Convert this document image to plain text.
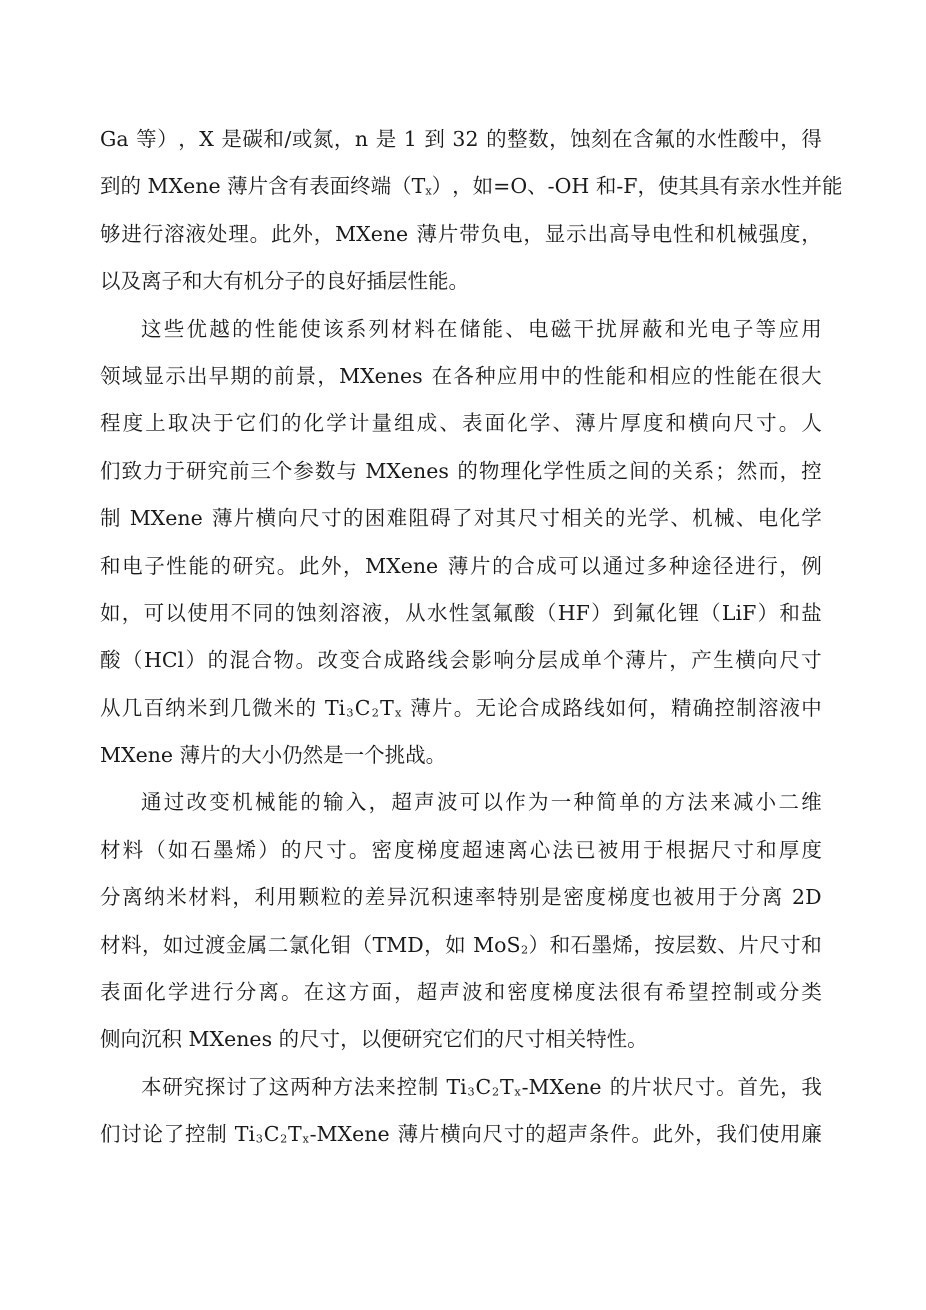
Ga
等 ） ， X
是 碳 和 / 或 氮 ， n
是
1
到
32
的 整 数 ， 蚀 刻 在 含 氟 的 水 性 酸 中 ， 得
到 的
MXene
薄 片 含 有 表 面 终 端 （ T $_x$ ） ， 如 =O 、 -OH
和 -F ， 使 其 具 有 亲 水 性 并 能
够 进 行 溶 液 处 理 。 此 外 ， MXene
薄 片 带 负 电 ， 显 示 出 高 导 电 性 和 机 械 强 度 ，
以及离子和大有机分子的良好插层性能。
这 些 优 越 的 性 能 使 该 系 列 材 料 在 储 能 、 电 磁 干 扰 屏 蔽 和 光 电 子 等 应 用
领 域 显 示 出 早 期 的 前 景 ， MXenes
在 各 种 应 用 中 的 性 能 和 相 应 的 性 能 在 很 大
程 度 上 取 决 于 它 们 的 化 学 计 量 组 成 、 表 面 化 学 、 薄 片 厚 度 和 横 向 尺 寸 。 人
们 致 力 于 研 究 前 三 个 参 数 与
MXenes
的 物 理 化 学 性 质 之 间 的 关 系 ； 然 而 ， 控
制
MXene
薄 片 横 向 尺 寸 的 困 难 阻 碍 了 对 其 尺 寸 相 关 的 光 学 、 机 械 、 电 化 学
和 电 子 性 能 的 研 究 。 此 外 ， MXene
薄 片 的 合 成 可 以 通 过 多 种 途 径 进 行 ， 例
如 ， 可 以 使 用 不 同 的 蚀 刻 溶 液 ， 从 水 性 氢 氟 酸 （ HF ） 到 氟 化 锂 （ LiF ） 和 盐
酸 （ HCl ） 的 混 合 物 。 改 变 合 成 路 线 会 影 响 分 层 成 单 个 薄 片 ， 产 生 横 向 尺 寸
从 几 百 纳 米 到 几 微 米 的
Ti $_3$ C $_2$ T $_x$
薄 片 。 无 论 合 成 路 线 如 何 ， 精 确 控 制 溶 液 中
MXene 薄片的大小仍然是一个挑战。
通 过 改 变 机 械 能 的 输 入 ， 超 声 波 可 以 作 为 一 种 简 单 的 方 法 来 减 小 二 维
材 料 （ 如 石 墨 烯 ） 的 尺 寸 。 密 度 梯 度 超 速 离 心 法 已 被 用 于 根 据 尺 寸 和 厚 度
分 离 纳 米 材 料 ， 利 用 颗 粒 的 差 异 沉 积 速 率 特 别 是 密 度 梯 度 也 被 用 于 分 离
2D
材 料 ， 如 过 渡 金 属 二 氯 化 钼 （ TMD ， 如
MoS $_2$ ） 和 石 墨 烯 ， 按 层 数 、 片 尺 寸 和
表 面 化 学 进 行 分 离 。 在 这 方 面 ， 超 声 波 和 密 度 梯 度 法 很 有 希 望 控 制 或 分 类
侧向沉积 MXenes 的尺寸，以便研究它们的尺寸相关特性。
本 研 究 探 讨 了 这 两 种 方 法 来 控 制
Ti $_3$ C $_2$ T $_x$ -MXene
的 片 状 尺 寸 。 首 先 ， 我
们 讨 论 了 控 制
Ti $_3$ C $_2$ T $_x$ -MXene
薄 片 横 向 尺 寸 的 超 声 条 件 。 此 外 ， 我 们 使 用 廉
